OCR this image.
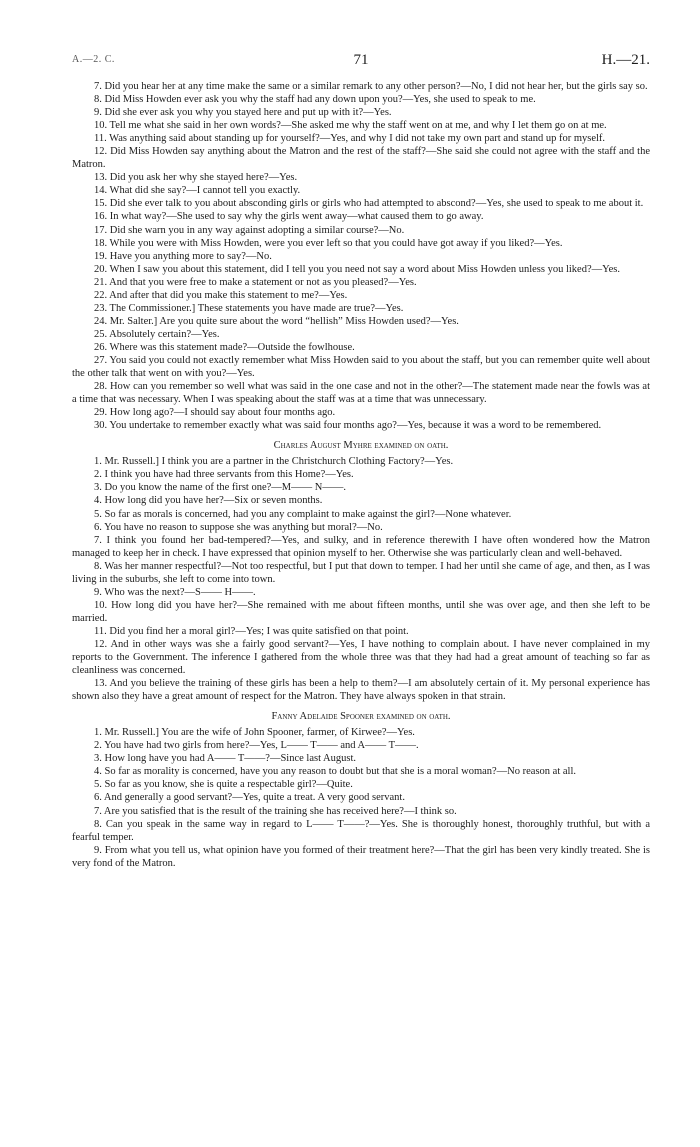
A.—2. C.	71	H.—21.

7. Did you hear her at any time make the same or a similar remark to any other person?—No, I did not hear her, but the girls say so.

8. Did Miss Howden ever ask you why the staff had any down upon you?—Yes, she used to speak to me.

9. Did she ever ask you why you stayed here and put up with it?—Yes.

10. Tell me what she said in her own words?—She asked me why the staff went on at me, and why I let them go on at me.

11. Was anything said about standing up for yourself?—Yes, and why I did not take my own part and stand up for myself.

12. Did Miss Howden say anything about the Matron and the rest of the staff?—She said she could not agree with the staff and the Matron.

13. Did you ask her why she stayed here?—Yes.

14. What did she say?—I cannot tell you exactly.

15. Did she ever talk to you about absconding girls or girls who had attempted to abscond?—Yes, she used to speak to me about it.

16. In what way?—She used to say why the girls went away—what caused them to go away.

17. Did she warn you in any way against adopting a similar course?—No.

18. While you were with Miss Howden, were you ever left so that you could have got away if you liked?—Yes.

19. Have you anything more to say?—No.

20. When I saw you about this statement, did I tell you you need not say a word about Miss Howden unless you liked?—Yes.

21. And that you were free to make a statement or not as you pleased?—Yes.

22. And after that did you make this statement to me?—Yes.

23. The Commissioner.] These statements you have made are true?—Yes.

24. Mr. Salter.] Are you quite sure about the word “hellish” Miss Howden used?—Yes.

25. Absolutely certain?—Yes.

26. Where was this statement made?—Outside the fowlhouse.

27. You said you could not exactly remember what Miss Howden said to you about the staff, but you can remember quite well about the other talk that went on with you?—Yes.

28. How can you remember so well what was said in the one case and not in the other?—The statement made near the fowls was at a time that was necessary. When I was speaking about the staff was at a time that was unnecessary.

29. How long ago?—I should say about four months ago.

30. You undertake to remember exactly what was said four months ago?—Yes, because it was a word to be remembered.

Charles August Myhre examined on oath.

1. Mr. Russell.] I think you are a partner in the Christchurch Clothing Factory?—Yes.

2. I think you have had three servants from this Home?—Yes.

3. Do you know the name of the first one?—M—— N——.

4. How long did you have her?—Six or seven months.

5. So far as morals is concerned, had you any complaint to make against the girl?—None whatever.

6. You have no reason to suppose she was anything but moral?—No.

7. I think you found her bad-tempered?—Yes, and sulky, and in reference therewith I have often wondered how the Matron managed to keep her in check. I have expressed that opinion myself to her. Otherwise she was particularly clean and well-behaved.

8. Was her manner respectful?—Not too respectful, but I put that down to temper. I had her until she came of age, and then, as I was living in the suburbs, she left to come into town.

9. Who was the next?—S—— H——.

10. How long did you have her?—She remained with me about fifteen months, until she was over age, and then she left to be married.

11. Did you find her a moral girl?—Yes; I was quite satisfied on that point.

12. And in other ways was she a fairly good servant?—Yes, I have nothing to complain about. I have never complained in my reports to the Government. The inference I gathered from the whole three was that they had had a great amount of teaching so far as cleanliness was concerned.

13. And you believe the training of these girls has been a help to them?—I am absolutely certain of it. My personal experience has shown also they have a great amount of respect for the Matron. They have always spoken in that strain.

Fanny Adelaide Spooner examined on oath.

1. Mr. Russell.] You are the wife of John Spooner, farmer, of Kirwee?—Yes.

2. You have had two girls from here?—Yes, L—— T—— and A—— T——.

3. How long have you had A—— T——?—Since last August.

4. So far as morality is concerned, have you any reason to doubt but that she is a moral woman?—No reason at all.

5. So far as you know, she is quite a respectable girl?—Quite.

6. And generally a good servant?—Yes, quite a treat. A very good servant.

7. Are you satisfied that is the result of the training she has received here?—I think so.

8. Can you speak in the same way in regard to L—— T——?—Yes. She is thoroughly honest, thoroughly truthful, but with a fearful temper.

9. From what you tell us, what opinion have you formed of their treatment here?—That the girl has been very kindly treated. She is very fond of the Matron.
